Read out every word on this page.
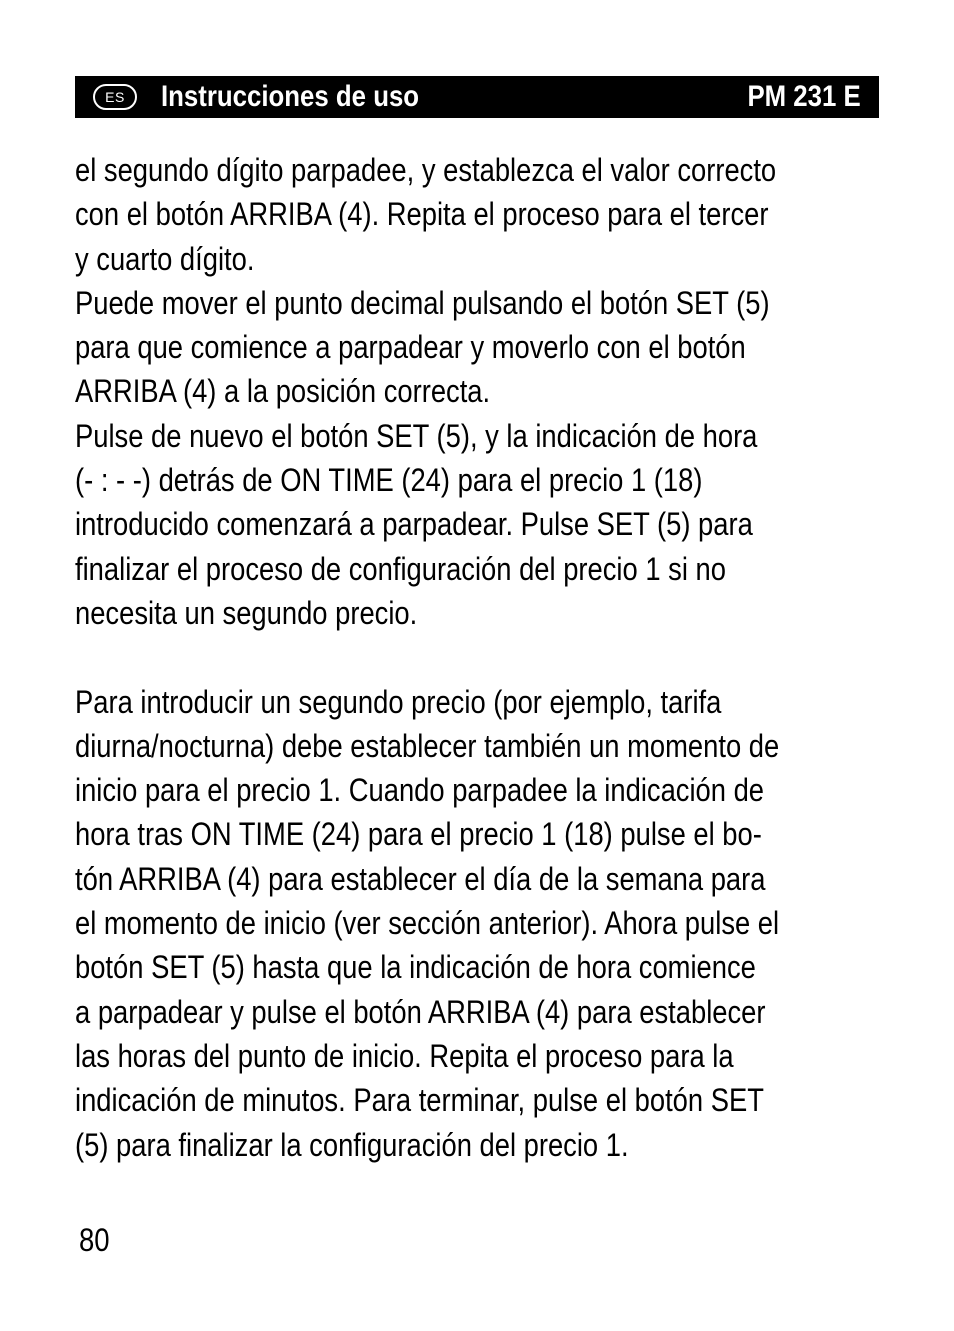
ES	Instrucciones de uso	PM 231 E
el segundo dígito parpadee, y establezca el valor correcto
con el botón ARRIBA (4). Repita el proceso para el tercer
y cuarto dígito.
Puede mover el punto decimal pulsando el botón SET (5)
para que comience a parpadear y moverlo con el botón
ARRIBA (4) a la posición correcta.
Pulse de nuevo el botón SET (5), y la indicación de hora
(- : - -) detrás de ON TIME (24) para el precio 1 (18)
introducido comenzará a parpadear. Pulse SET (5) para
finalizar el proceso de configuración del precio 1 si no
necesita un segundo precio.
Para introducir un segundo precio (por ejemplo, tarifa
diurna/nocturna) debe establecer también un momento de
inicio para el precio 1. Cuando parpadee la indicación de
hora tras ON TIME (24) para el precio 1 (18) pulse el bo-
tón ARRIBA (4) para establecer el día de la semana para
el momento de inicio (ver sección anterior). Ahora pulse el
botón SET (5) hasta que la indicación de hora comience
a parpadear y pulse el botón ARRIBA (4) para establecer
las horas del punto de inicio. Repita el proceso para la
indicación de minutos. Para terminar, pulse el botón SET
(5) para finalizar la configuración del precio 1.
80
